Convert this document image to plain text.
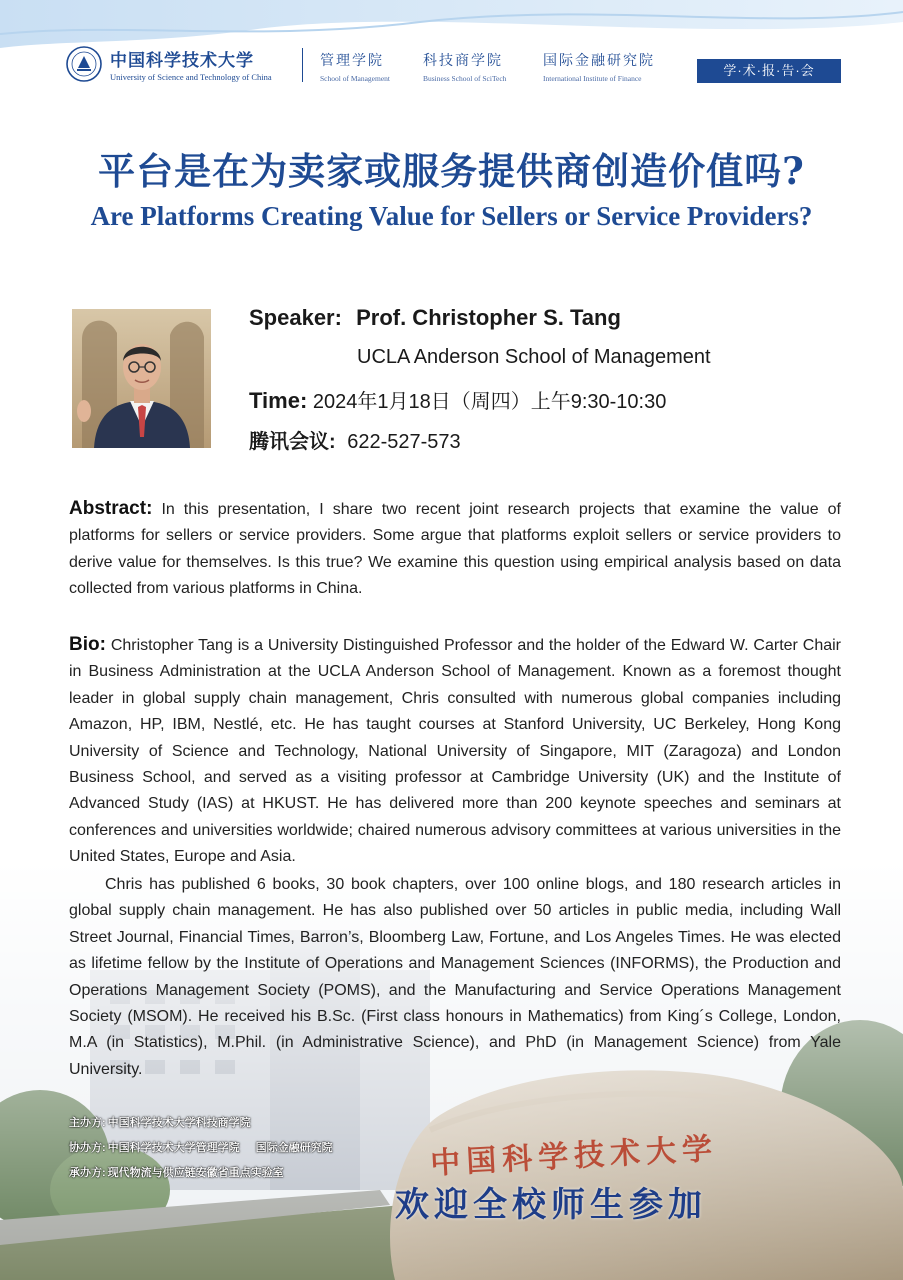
中国科学技术大学
University of Science and Technology of China
管理学院
School of Management
科技商学院
Business School of SciTech
国际金融研究院
International Institute of Finance
学·术·报·告·会
平台是在为卖家或服务提供商创造价值吗?
Are Platforms Creating Value for Sellers or Service Providers?
Speaker: Prof. Christopher S. Tang
UCLA Anderson School of Management
Time: 2024年1月18日（周四）上午9:30-10:30
腾讯会议: 622-527-573
Abstract: In this presentation, I share two recent joint research projects that examine the value of platforms for sellers or service providers. Some argue that platforms exploit sellers or service providers to derive value for themselves. Is this true? We examine this question using empirical analysis based on data collected from various platforms in China.
Bio: Christopher Tang is a University Distinguished Professor and the holder of the Edward W. Carter Chair in Business Administration at the UCLA Anderson School of Management. Known as a foremost thought leader in global supply chain management, Chris consulted with numerous global companies including Amazon, HP, IBM, Nestlé, etc. He has taught courses at Stanford University, UC Berkeley, Hong Kong University of Science and Technology, National University of Singapore, MIT (Zaragoza) and London Business School, and served as a visiting professor at Cambridge University (UK) and the Institute of Advanced Study (IAS) at HKUST. He has delivered more than 200 keynote speeches and seminars at conferences and universities worldwide; chaired numerous advisory committees at various universities in the United States, Europe and Asia.
Chris has published 6 books, 30 book chapters, over 100 online blogs, and 180 research articles in global supply chain management. He has also published over 50 articles in public media, including Wall Street Journal, Financial Times, Barron’s, Bloomberg Law, Fortune, and Los Angeles Times. He was elected as lifetime fellow by the Institute of Operations and Management Sciences (INFORMS), the Production and Operations Management Society (POMS), and the Manufacturing and Service Operations Management Society (MSOM). He received his B.Sc. (First class honours in Mathematics) from King´s College, London, M.A (in Statistics), M.Phil. (in Administrative Science), and PhD (in Management Science) from Yale University.
主办方: 中国科学技术大学科技商学院
协办方: 中国科学技术大学管理学院 国际金融研究院
承办方: 现代物流与供应链安徽省重点实验室	中国科学技术大学
欢迎全校师生参加
